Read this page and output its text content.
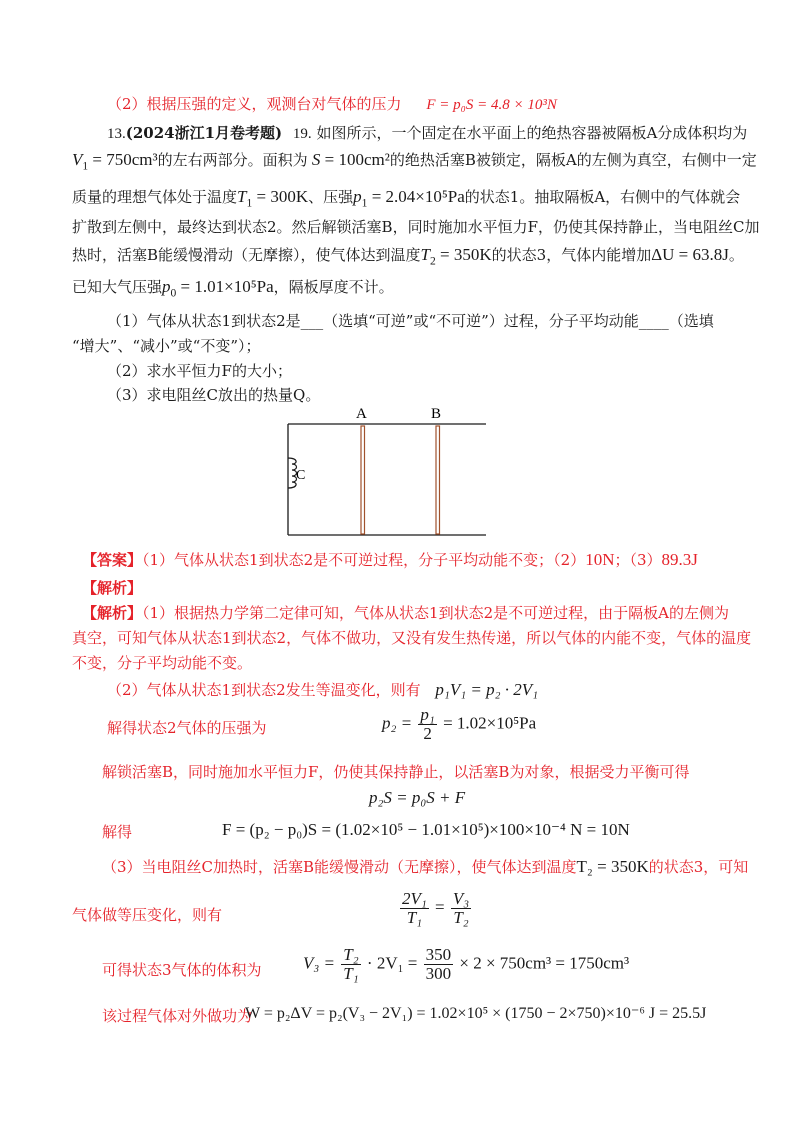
（2）根据压强的定义，观测台对气体的压力 F = p₀S = 4.8 × 10³N
13.(2024浙江1月卷考题) 19. 如图所示，一个固定在水平面上的绝热容器被隔板A分成体积均为
$V_1 = 750cm^3$的左右两部分。面积为 S = 100cm²的绝热活塞B被锁定，隔板A的左侧为真空，右侧中一定
质量的理想气体处于温度$T_1 = 300K$、压强$p_1 = 2.04\times 10^5Pa$的状态1。抽取隔板A，右侧中的气体就会
扩散到左侧中，最终达到状态2。然后解锁活塞B，同时施加水平恒力F，仍使其保持静止，当电阻丝C加
热时，活塞B能缓慢滑动（无摩擦），使气体达到温度$T_2 = 350K$的状态3，气体内能增加ΔU = 63.8J。
已知大气压强$p_0 = 1.01\times 10^5Pa$，隔板厚度不计。
（1）气体从状态1到状态2是___（选填“可逆”或“不可逆”）过程，分子平均动能____（选填
“增大”、“减小”或“不变”）；
（2）求水平恒力F的大小；
（3）求电阻丝C放出的热量Q。
C
A	B
【答案】（1）气体从状态1到状态2是不可逆过程，分子平均动能不变；（2）10N；（3）89.3J
【解析】
【解析】（1）根据热力学第二定律可知，气体从状态1到状态2是不可逆过程，由于隔板A的左侧为
真空，可知气体从状态1到状态2，气体不做功，又没有发生热传递，所以气体的内能不变，气体的温度
不变，分子平均动能不变。
（2）气体从状态1到状态2发生等温变化，则有 p₁V₁ = p₂ · 2V₁
解得状态2气体的压强为	$p_2 = \frac{\text{p₁}}{2} = 1.02\times 10^5Pa$
解锁活塞B，同时施加水平恒力F，仍使其保持静止，以活塞B为对象，根据受力平衡可得
p₂S = p₀S + F
解得	F = (p₂ − p₀)S = (1.02×10⁵ − 1.01×10⁵)×100×10⁻⁴ N = 10N
（3）当电阻丝C加热时，活塞B能缓慢滑动（无摩擦），使气体达到温度T₂ = 350K的状态3，可知
气体做等压变化，则有	$\frac{\text{2V₁}}{\text{T₁}} = \frac{\text{V₃}}{\text{T₂}}$
可得状态3气体的体积为 $V_3 = \frac{\text{T₂}}{\text{T₁}} \cdot 2V_1 = \frac{350}{300} \times 2 \times 750cm^3 = 1750cm^3$
该过程气体对外做功为
W = p₂ΔV = p₂(V₃ − 2V₁) = 1.02×10⁵ × (1750 − 2×750)×10⁻⁶ J = 25.5J
